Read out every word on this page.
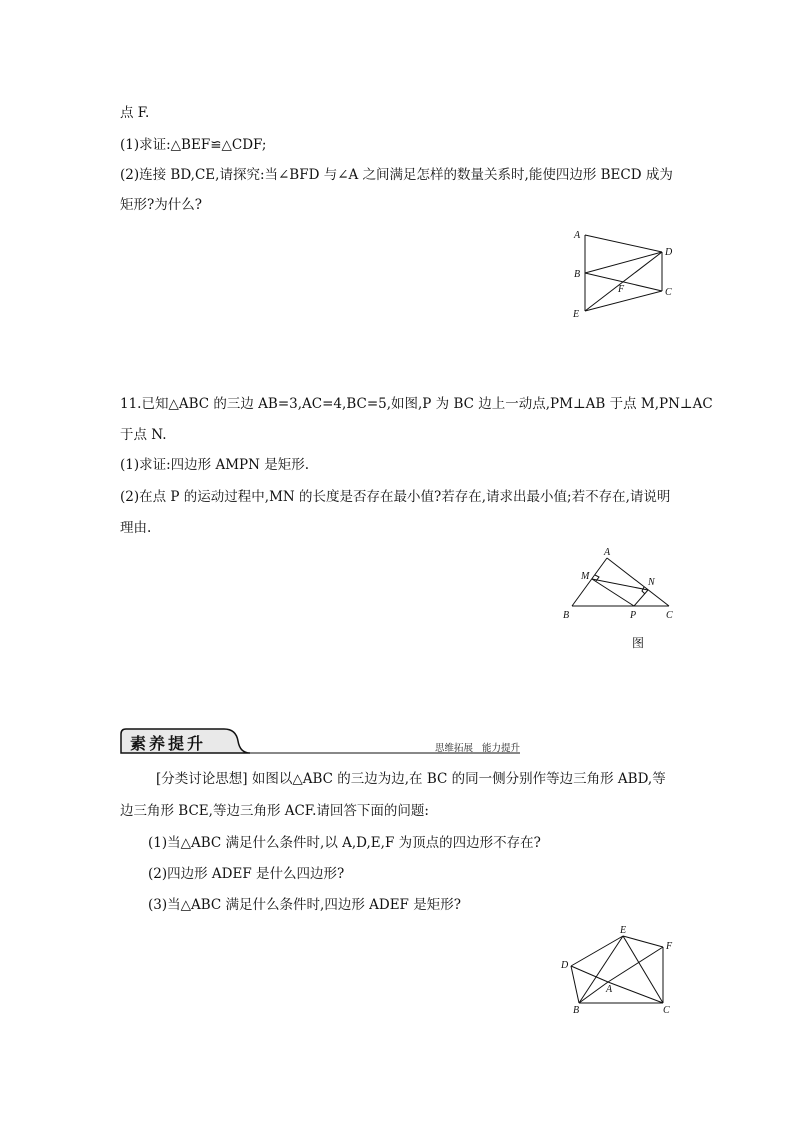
点 F.
(1)求证:△BEF≌△CDF;
(2)连接 BD,CE,请探究:当∠BFD 与∠A 之间满足怎样的数量关系时,能使四边形 BECD 成为
矩形?为什么?
A
D
B
F	C
E
11.已知△ABC 的三边 AB=3,AC=4,BC=5,如图,P 为 BC 边上一动点,PM⊥AB 于点 M,PN⊥AC
于点 N.
(1)求证:四边形 AMPN 是矩形.
(2)在点 P 的运动过程中,MN 的长度是否存在最小值?若存在,请求出最小值;若不存在,请说明
理由.
A
M
N
B	P	C
图
素养提升	思维拓展 能力提升
[分类讨论思想] 如图以△ABC 的三边为边,在 BC 的同一侧分别作等边三角形 ABD,等
边三角形 BCE,等边三角形 ACF.请回答下面的问题:
(1)当△ABC 满足什么条件时,以 A,D,E,F 为顶点的四边形不存在?
(2)四边形 ADEF 是什么四边形?
(3)当△ABC 满足什么条件时,四边形 ADEF 是矩形?
E
F
D
A
B	C
